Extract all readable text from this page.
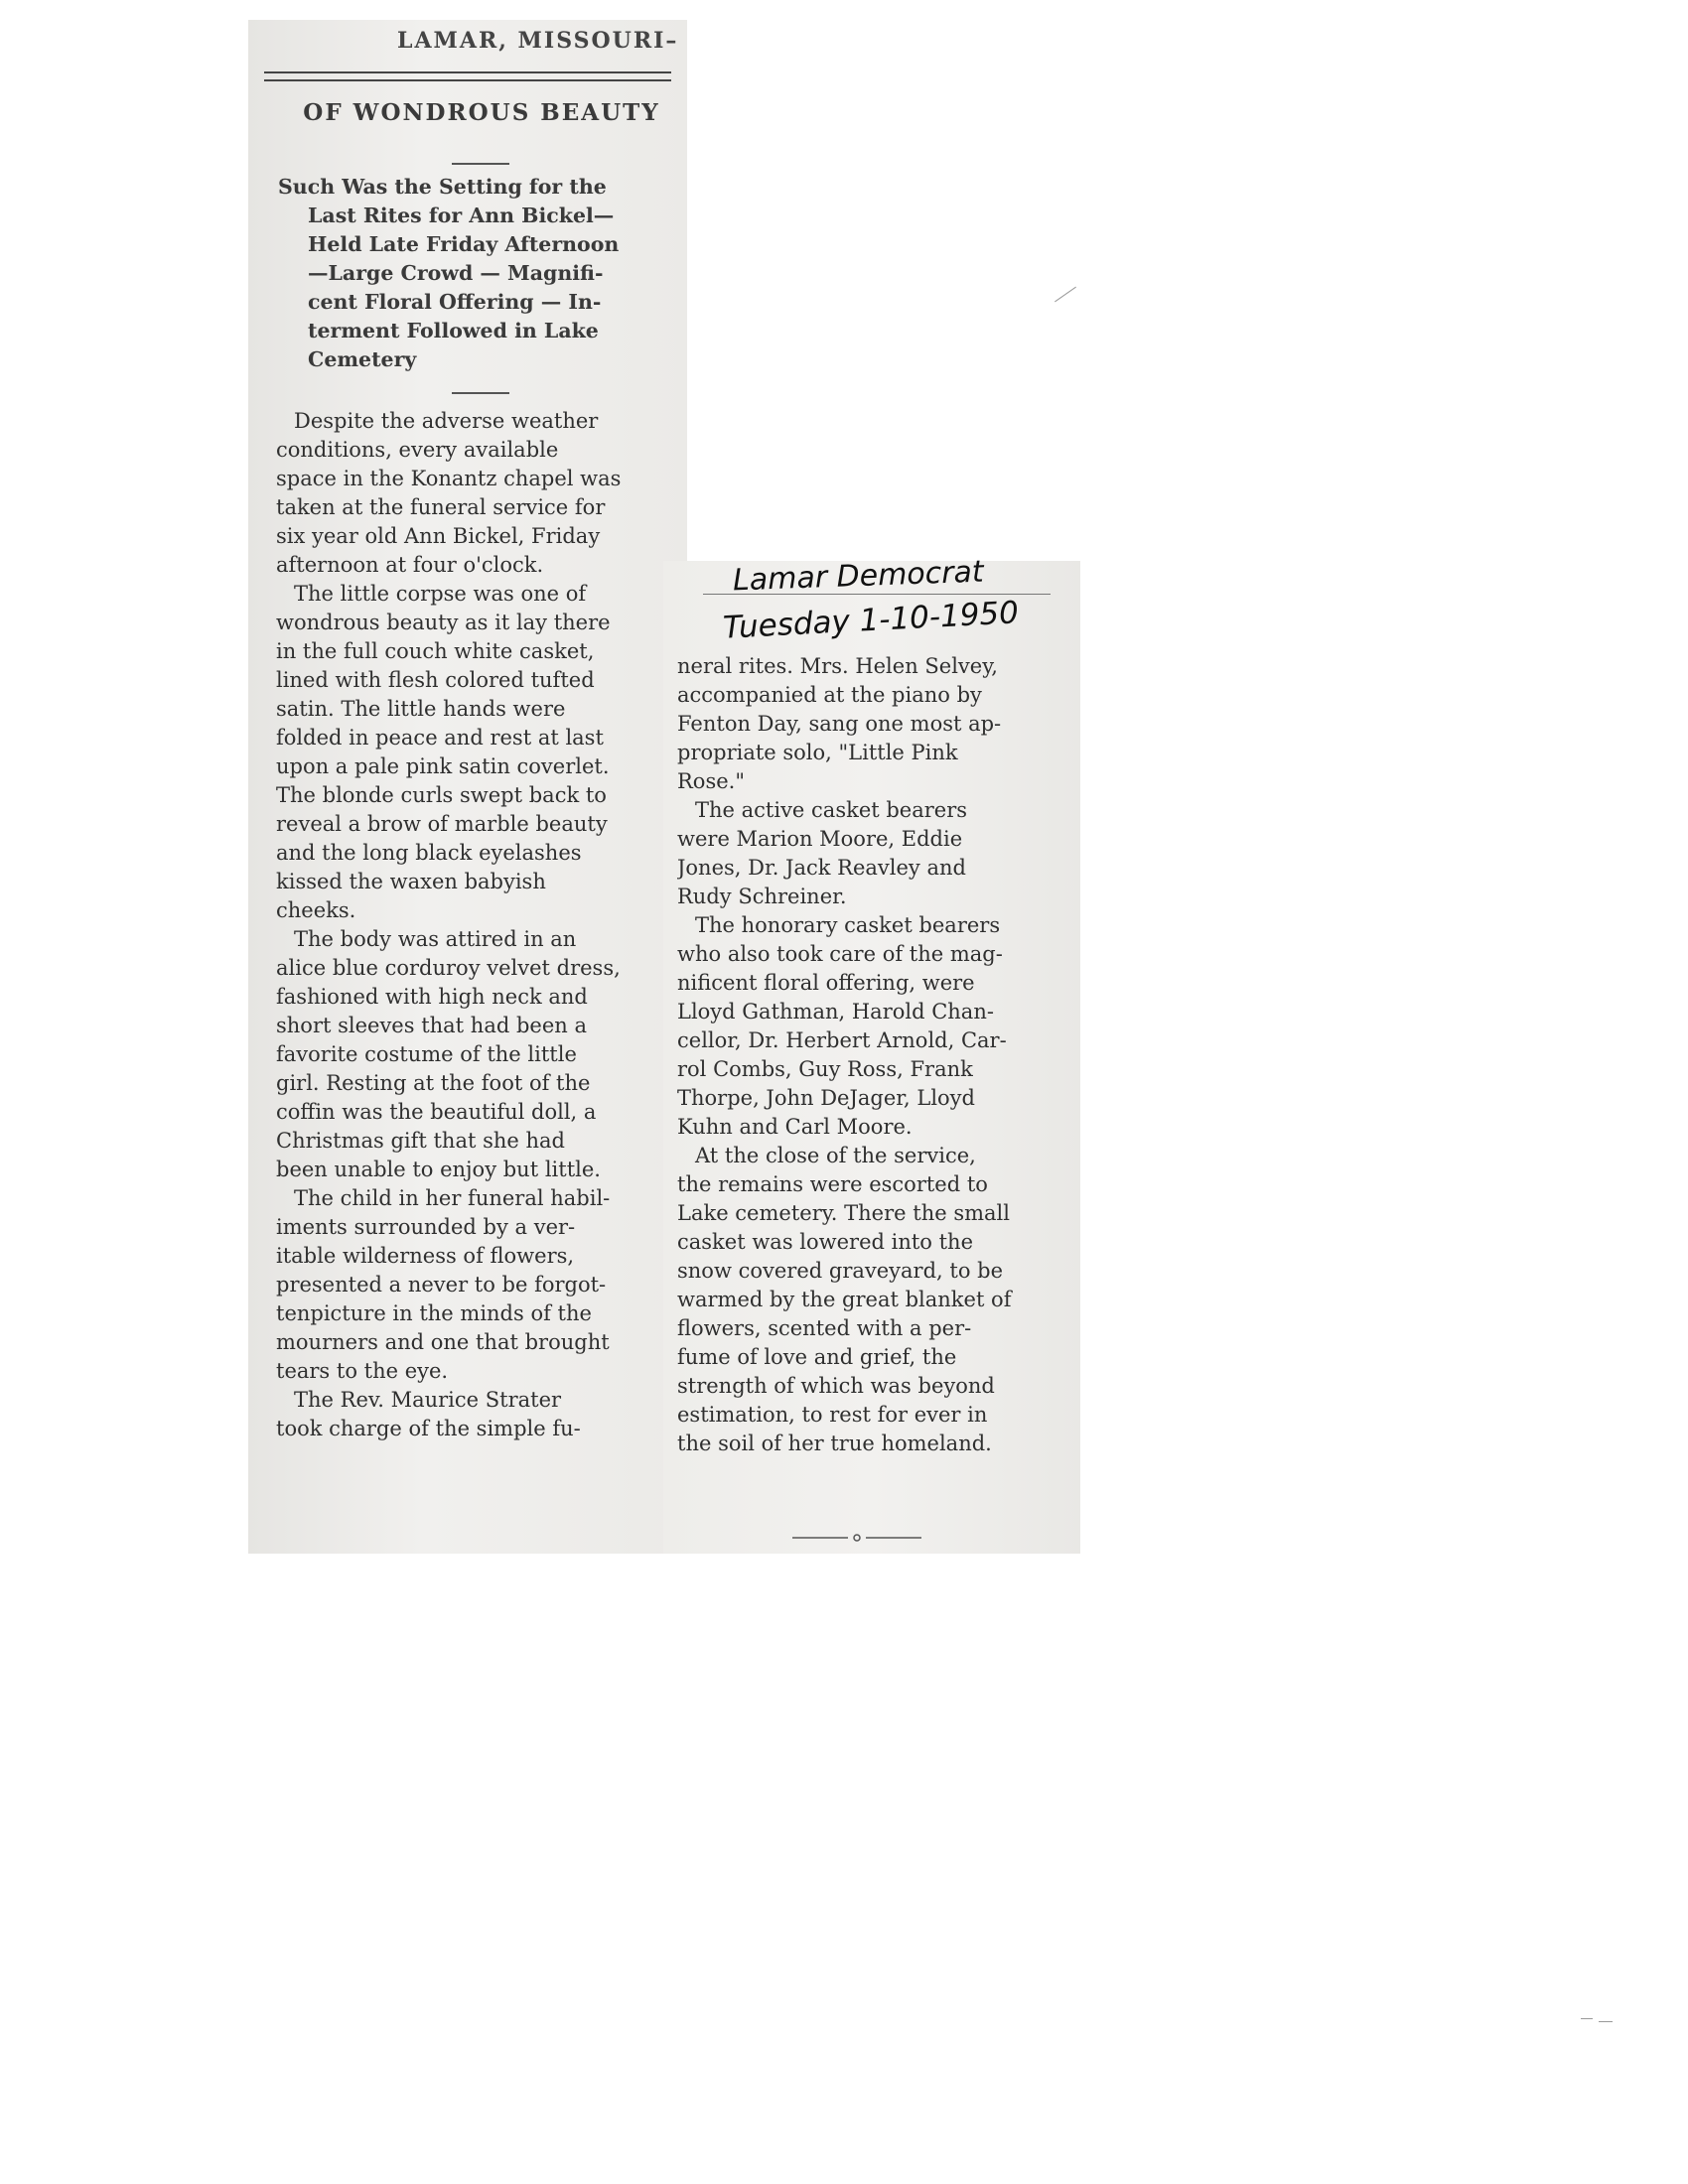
LAMAR, MISSOURI–
OF WONDROUS BEAUTY
Such Was the Setting for the
Last Rites for Ann Bickel—
Held Late Friday Afternoon
—Large Crowd — Magnifi-
cent Floral Offering — In-
terment Followed in Lake
Cemetery
Despite the adverse weather
conditions, every available
space in the Konantz chapel was
taken at the funeral service for
six year old Ann Bickel, Friday
afternoon at four o'clock.
The little corpse was one of
wondrous beauty as it lay there
in the full couch white casket,
lined with flesh colored tufted
satin. The little hands were
folded in peace and rest at last
upon a pale pink satin coverlet.
The blonde curls swept back to
reveal a brow of marble beauty
and the long black eyelashes
kissed the waxen babyish
cheeks.
The body was attired in an
alice blue corduroy velvet dress,
fashioned with high neck and
short sleeves that had been a
favorite costume of the little
girl. Resting at the foot of the
coffin was the beautiful doll, a
Christmas gift that she had
been unable to enjoy but little.
The child in her funeral habil-
iments surrounded by a ver-
itable wilderness of flowers,
presented a never to be forgot-
tenpicture in the minds of the
mourners and one that brought
tears to the eye.
The Rev. Maurice Strater
took charge of the simple fu-
Lamar Democrat
Tuesday 1-10-1950
neral rites. Mrs. Helen Selvey,
accompanied at the piano by
Fenton Day, sang one most ap-
propriate solo, "Little Pink
Rose."
The active casket bearers
were Marion Moore, Eddie
Jones, Dr. Jack Reavley and
Rudy Schreiner.
The honorary casket bearers
who also took care of the mag-
nificent floral offering, were
Lloyd Gathman, Harold Chan-
cellor, Dr. Herbert Arnold, Car-
rol Combs, Guy Ross, Frank
Thorpe, John DeJager, Lloyd
Kuhn and Carl Moore.
At the close of the service,
the remains were escorted to
Lake cemetery. There the small
casket was lowered into the
snow covered graveyard, to be
warmed by the great blanket of
flowers, scented with a per-
fume of love and grief, the
strength of which was beyond
estimation, to rest for ever in
the soil of her true homeland.
